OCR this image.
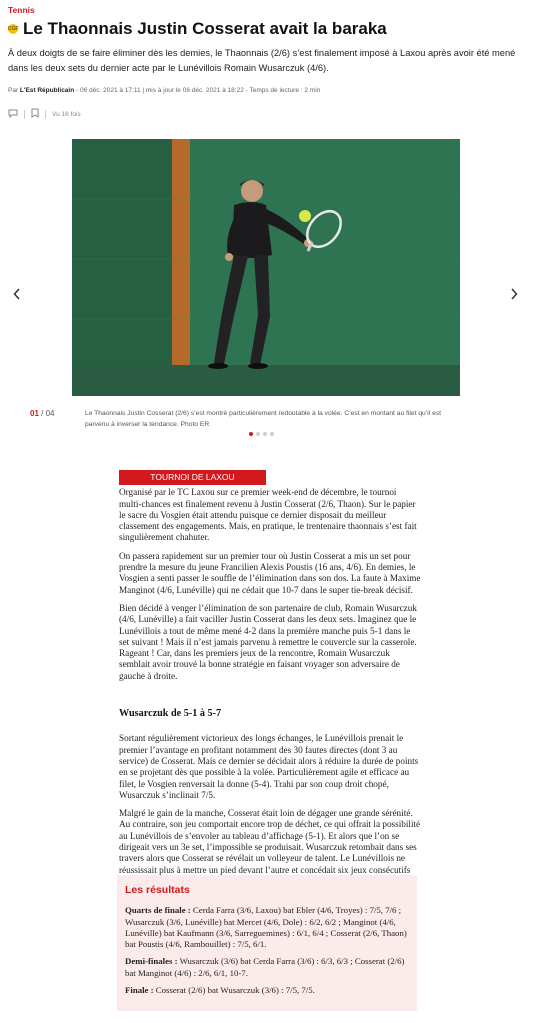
Tennis
CGF Le Thaonnais Justin Cosserat avait la baraka
À deux doigts de se faire éliminer dès les demies, le Thaonnais (2/6) s’est finalement imposé à Laxou après avoir été mené dans les deux sets du dernier acte par le Lunévillois Romain Wusarczuk (4/6).
Par L'Est Républicain - 06 déc. 2021 à 17:11 | mis à jour le 06 déc. 2021 à 18:22 - Temps de lecture : 2 min
Vu 16 fois
01 / 04	Le Thaonnais Justin Cosserat (2/6) s’est montré particulièrement redoutable à la volée. C’est en montant au filet qu’il est parvenu à inverser la tendance. Photo ER
TOURNOI DE LAXOU

Organisé par le TC Laxou sur ce premier week-end de décembre, le tournoi multi-chances est finalement revenu à Justin Cosserat (2/6, Thaon). Sur le papier le sacre du Vosgien était attendu puisque ce dernier disposait du meilleur classement des engagements. Mais, en pratique, le trentenaire thaonnais s’est fait singulièrement chahuter.

On passera rapidement sur un premier tour où Justin Cosserat a mis un set pour prendre la mesure du jeune Francilien Alexis Poustis (16 ans, 4/6). En demies, le Vosgien a senti passer le souffle de l’élimination dans son dos. La faute à Maxime Manginot (4/6, Lunéville) qui ne cédait que 10-7 dans le super tie-break décisif.

Bien décidé à venger l’élimination de son partenaire de club, Romain Wusarczuk (4/6, Lunéville) a fait vaciller Justin Cosserat dans les deux sets. Imaginez que le Lunévillois a tout de même mené 4-2 dans la première manche puis 5-1 dans le set suivant ! Mais il n’est jamais parvenu à remettre le couvercle sur la casserole. Rageant ! Car, dans les premiers jeux de la rencontre, Romain Wusarczuk semblait avoir trouvé la bonne stratégie en faisant voyager son adversaire de gauche à droite.

Wusarczuk de 5-1 à 5-7

Sortant régulièrement victorieux des longs échanges, le Lunévillois prenait le premier l’avantage en profitant notamment des 30 fautes directes (dont 3 au service) de Cosserat. Mais ce dernier se décidait alors à réduire la durée de points en se projetant dès que possible à la volée. Particulièrement agile et efficace au filet, le Vosgien renversait la donne (5-4). Trahi par son coup droit chopé, Wusarczuk s’inclinait 7/5.

Malgré le gain de la manche, Cosserat était loin de dégager une grande sérénité. Au contraire, son jeu comportait encore trop de déchet, ce qui offrait la possibilité au Lunévillois de s’envoler au tableau d’affichage (5-1). Et alors que l’on se dirigeait vers un 3e set, l’impossible se produisait. Wusarczuk retombait dans ses travers alors que Cosserat se révélait un volleyeur de talent. Le Lunévillois ne réussissait plus à mettre un pied devant l’autre et concédait six jeux consécutifs

Les résultats

Quarts de finale : Cerda Farra (3/6, Laxou) bat Ebler (4/6, Troyes) : 7/5, 7/6 ; Wusarczuk (3/6, Lunéville) bat Mercet (4/6, Dole) : 6/2, 6/2 ; Manginot (4/6, Lunéville) bat Kaufmann (3/6, Sarreguemines) : 6/1, 6/4 ; Cosserat (2/6, Thaon) bat Poustis (4/6, Rambouillet) : 7/5, 6/1.

Demi-finales : Wusarczuk (3/6) bat Cerda Farra (3/6) : 6/3, 6/3 ; Cosserat (2/6) bat Manginot (4/6) : 2/6, 6/1, 10-7.

Finale : Cosserat (2/6) bat Wusarczuk (3/6) : 7/5, 7/5.
